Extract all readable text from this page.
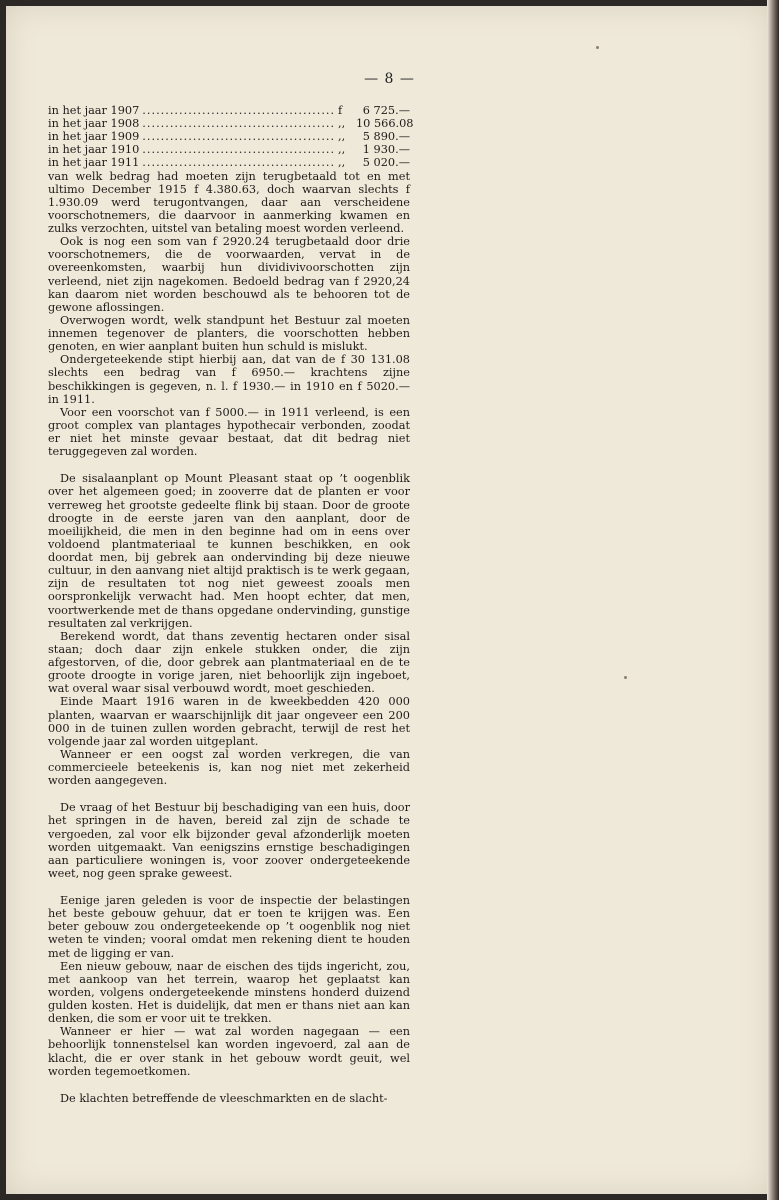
— 8 —
in het jaar 1907 .....	f	6 725.—
in het jaar 1908 .....	,, 10 566.08
in het jaar 1909 .....	,,	5 890.—
in het jaar 1910 .....	,,	1 930.—
in het jaar 1911 .....	,,	5 020.—

van welk bedrag had moeten zijn terugbetaald tot en met ultimo December 1915 f 4.380.63, doch waarvan slechts f 1.930.09 werd terugontvangen, daar aan verscheidene voorschotnemers, die daarvoor in aanmerking kwamen en zulks verzochten, uitstel van betaling moest worden verleend.

Ook is nog een som van f 2920.24 terugbetaald door drie voorschotnemers, die de voorwaarden, vervat in de overeenkomsten, waarbij hun dividivivoorschotten zijn verleend, niet zijn nagekomen. Bedoeld bedrag van f 2920,24 kan daarom niet worden beschouwd als te behooren tot de gewone aflossingen.

Overwogen wordt, welk standpunt het Bestuur zal moeten innemen tegenover de planters, die voorschotten hebben genoten, en wier aanplant buiten hun schuld is mislukt.

Ondergeteekende stipt hierbij aan, dat van de f 30 131.08 slechts een bedrag van f 6950.— krachtens zijne beschikkingen is gegeven, n. l. f 1930.— in 1910 en f 5020.— in 1911.

Voor een voorschot van f 5000.— in 1911 verleend, is een groot complex van plantages hypothecair verbonden, zoodat er niet het minste gevaar bestaat, dat dit bedrag niet teruggegeven zal worden.

De sisalaanplant op Mount Pleasant staat op ’t oogenblik over het algemeen goed; in zooverre dat de planten er voor verreweg het grootste gedeelte flink bij staan. Door de groote droogte in de eerste jaren van den aanplant, door de moeilijkheid, die men in den beginne had om in eens over voldoend plantmateriaal te kunnen beschikken, en ook doordat men, bij gebrek aan ondervinding bij deze nieuwe cultuur, in den aanvang niet altijd praktisch is te werk gegaan, zijn de resultaten tot nog niet geweest zooals men oorspronkelijk verwacht had. Men hoopt echter, dat men, voortwerkende met de thans opgedane ondervinding, gunstige resultaten zal verkrijgen.

Berekend wordt, dat thans zeventig hectaren onder sisal staan; doch daar zijn enkele stukken onder, die zijn afgestorven, of die, door gebrek aan plantmateriaal en de te groote droogte in vorige jaren, niet behoorlijk zijn ingeboet, wat overal waar sisal verbouwd wordt, moet geschieden.

Einde Maart 1916 waren in de kweekbedden 420 000 planten, waarvan er waarschijnlijk dit jaar ongeveer een 200 000 in de tuinen zullen worden gebracht, terwijl de rest het volgende jaar zal worden uitgeplant.

Wanneer er een oogst zal worden verkregen, die van commercieele beteekenis is, kan nog niet met zekerheid worden aangegeven.

De vraag of het Bestuur bij beschadiging van een huis, door het springen in de haven, bereid zal zijn de schade te vergoeden, zal voor elk bijzonder geval afzonderlijk moeten worden uitgemaakt. Van eenigszins ernstige beschadigingen aan particuliere woningen is, voor zoover ondergeteekende weet, nog geen sprake geweest.

Eenige jaren geleden is voor de inspectie der belastingen het beste gebouw gehuur, dat er toen te krijgen was. Een beter gebouw zou ondergeteekende op ’t oogenblik nog niet weten te vinden; vooral omdat men rekening dient te houden met de ligging er van.

Een nieuw gebouw, naar de eischen des tijds ingericht, zou, met aankoop van het terrein, waarop het geplaatst kan worden, volgens ondergeteekende minstens honderd duizend gulden kosten. Het is duidelijk, dat men er thans niet aan kan denken, die som er voor uit te trekken.

Wanneer er hier — wat zal worden nagegaan — een behoorlijk tonnenstelsel kan worden ingevoerd, zal aan de klacht, die er over stank in het gebouw wordt geuit, wel worden tegemoetkomen.

De klachten betreffende de vleeschmarkten en de slacht-
